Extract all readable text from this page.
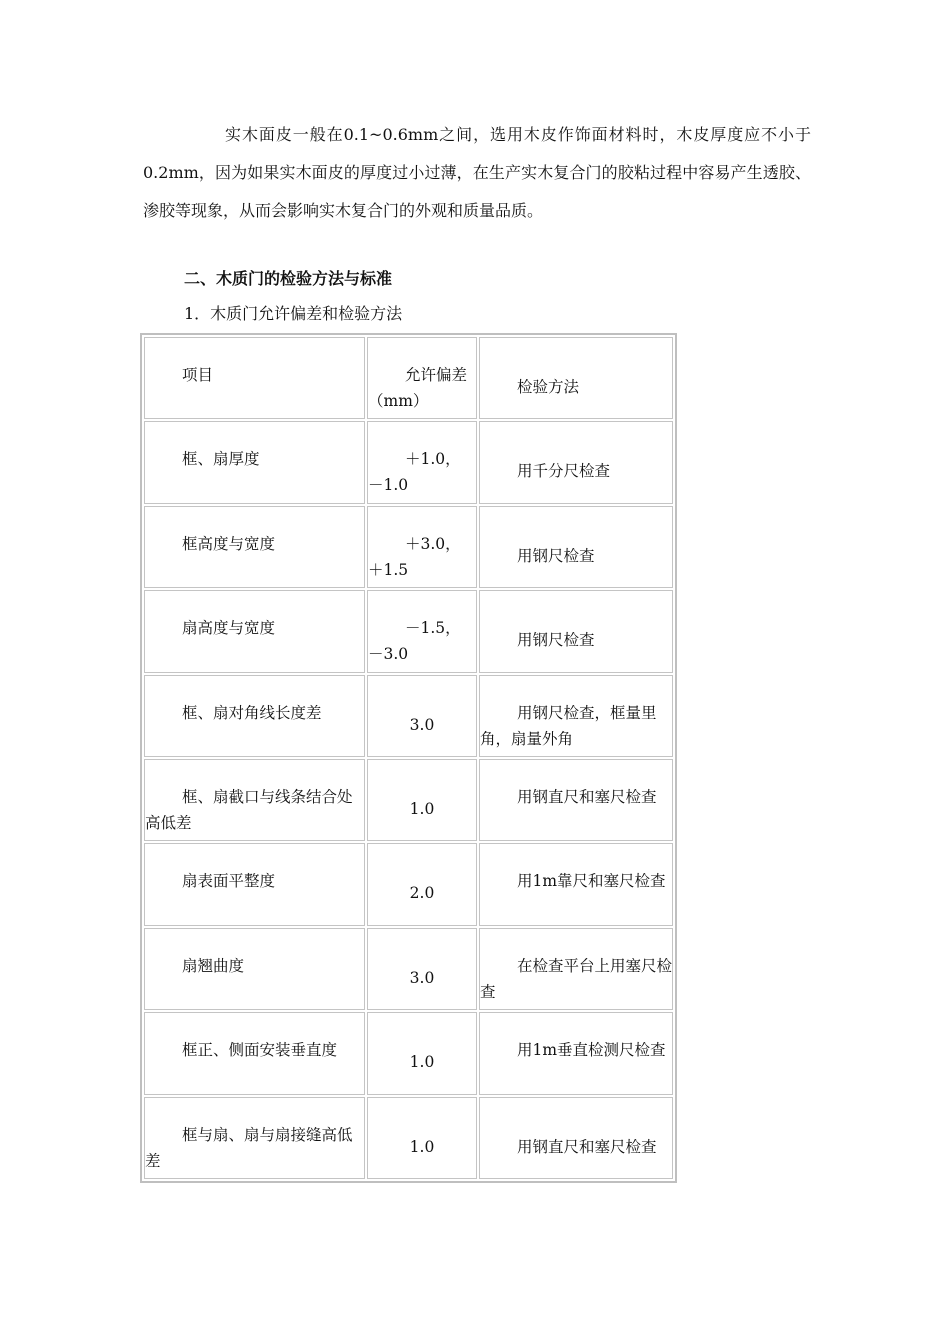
实木面皮一般在0.1~0.6mm之间，选用木皮作饰面材料时，木皮厚度应不小于0.2mm，因为如果实木面皮的厚度过小过薄，在生产实木复合门的胶粘过程中容易产生透胶、渗胶等现象，从而会影响实木复合门的外观和质量品质。

二、木质门的检验方法与标准

1．木质门允许偏差和检验方法

项目	允许偏差（mm）	检验方法

框、扇厚度	＋1.0，－1.0	用千分尺检查

框高度与宽度	＋3.0，＋1.5	用钢尺检查

扇高度与宽度	－1.5，－3.0	用钢尺检查

框、扇对角线长度差	3.0	用钢尺检查，框量里角，扇量外角

框、扇截口与线条结合处高低差	1.0	用钢直尺和塞尺检查

扇表面平整度	2.0	用1m靠尺和塞尺检查

扇翘曲度	3.0	在检查平台上用塞尺检查

框正、侧面安装垂直度	1.0	用1m垂直检测尺检查

框与扇、扇与扇接缝高低差	1.0	用钢直尺和塞尺检查
